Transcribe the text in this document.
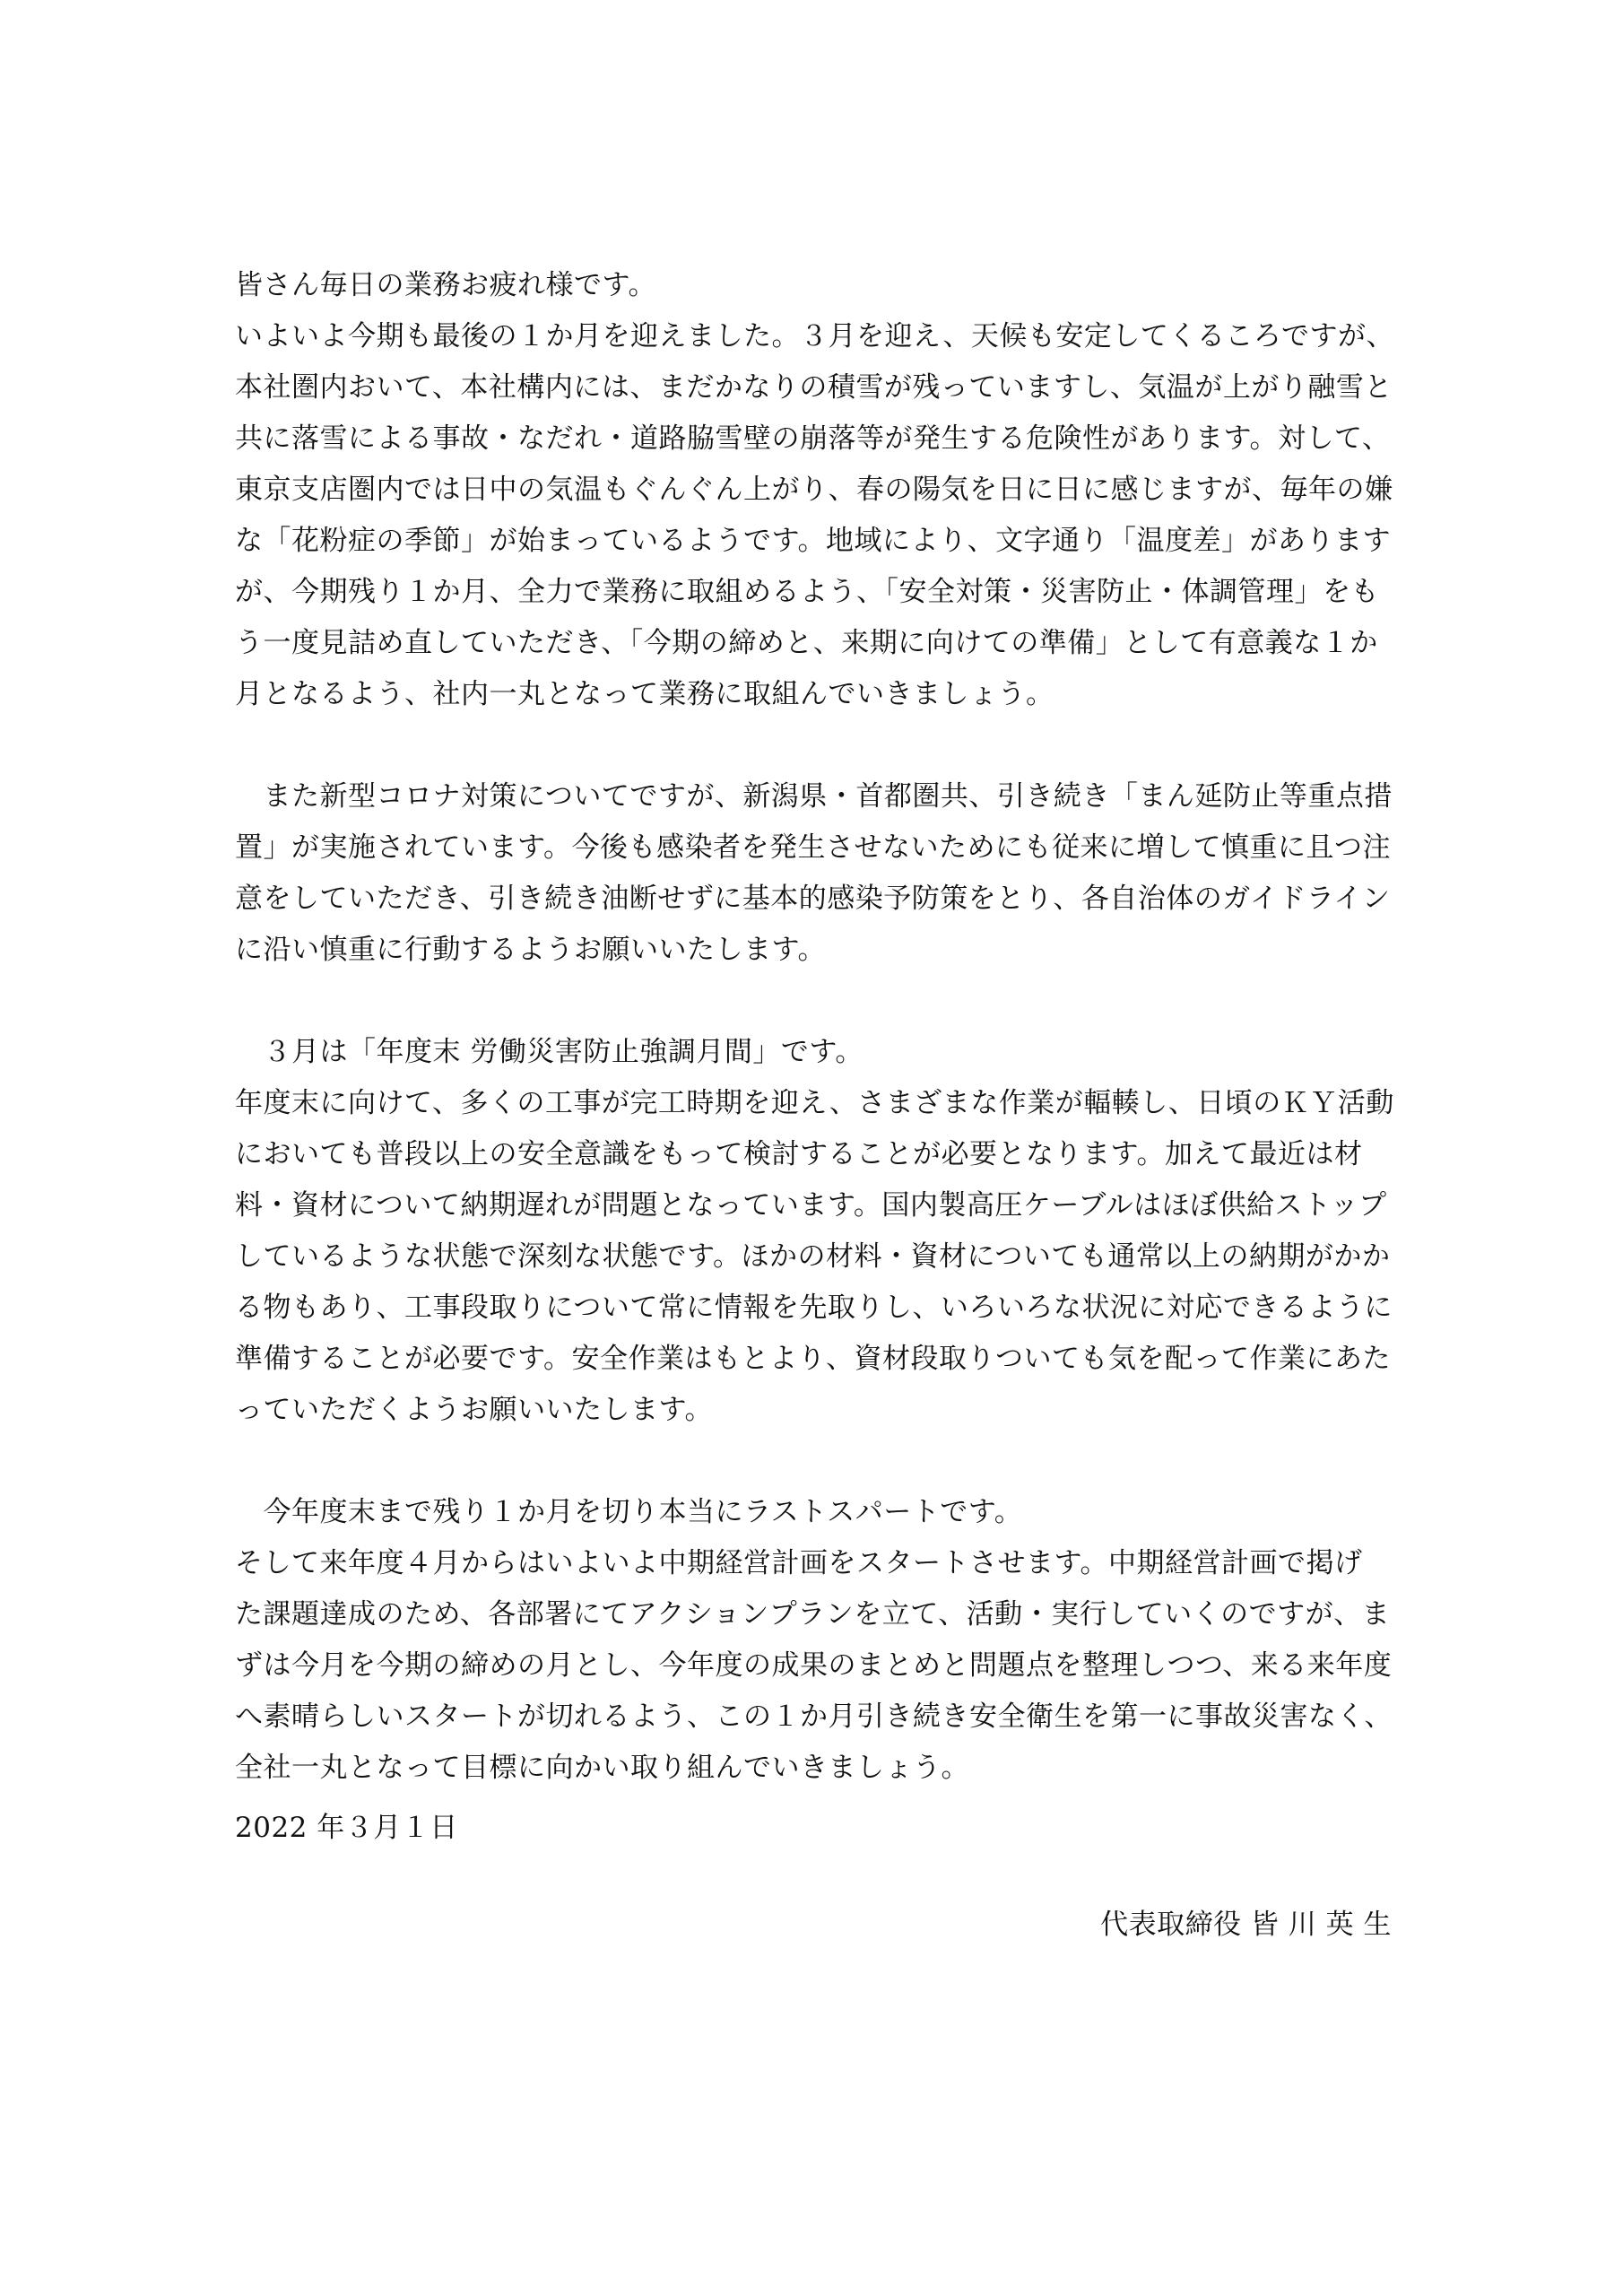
皆さん毎日の業務お疲れ様です。

いよいよ今期も最後の１か月を迎えました。３月を迎え、天候も安定してくるころですが、

本社圏内おいて、本社構内には、まだかなりの積雪が残っていますし、気温が上がり融雪と

共に落雪による事故・なだれ・道路脇雪壁の崩落等が発生する危険性があります。対して、

東京支店圏内では日中の気温もぐんぐん上がり、春の陽気を日に日に感じますが、毎年の嫌

な「花粉症の季節」が始まっているようです。地域により、文字通り「温度差」があります

が、今期残り１か月、全力で業務に取組めるよう、「安全対策・災害防止・体調管理」をも

う一度見詰め直していただき、「今期の締めと、来期に向けての準備」として有意義な１か

月となるよう、社内一丸となって業務に取組んでいきましょう。

　また新型コロナ対策についてですが、新潟県・首都圏共、引き続き「まん延防止等重点措

置」が実施されています。今後も感染者を発生させないためにも従来に増して慎重に且つ注

意をしていただき、引き続き油断せずに基本的感染予防策をとり、各自治体のガイドライン

に沿い慎重に行動するようお願いいたします。

　３月は「年度末 労働災害防止強調月間」です。

年度末に向けて、多くの工事が完工時期を迎え、さまざまな作業が輻輳し、日頃のＫＹ活動

においても普段以上の安全意識をもって検討することが必要となります。加えて最近は材

料・資材について納期遅れが問題となっています。国内製高圧ケーブルはほぼ供給ストップ

しているような状態で深刻な状態です。ほかの材料・資材についても通常以上の納期がかか

る物もあり、工事段取りについて常に情報を先取りし、いろいろな状況に対応できるように

準備することが必要です。安全作業はもとより、資材段取りついても気を配って作業にあた

っていただくようお願いいたします。

　今年度末まで残り１か月を切り本当にラストスパートです。

そして来年度４月からはいよいよ中期経営計画をスタートさせます。中期経営計画で掲げ

た課題達成のため、各部署にてアクションプランを立て、活動・実行していくのですが、ま

ずは今月を今期の締めの月とし、今年度の成果のまとめと問題点を整理しつつ、来る来年度

へ素晴らしいスタートが切れるよう、この１か月引き続き安全衛生を第一に事故災害なく、

全社一丸となって目標に向かい取り組んでいきましょう。

2022 年３月１日
代表取締役 皆 川 英 生
